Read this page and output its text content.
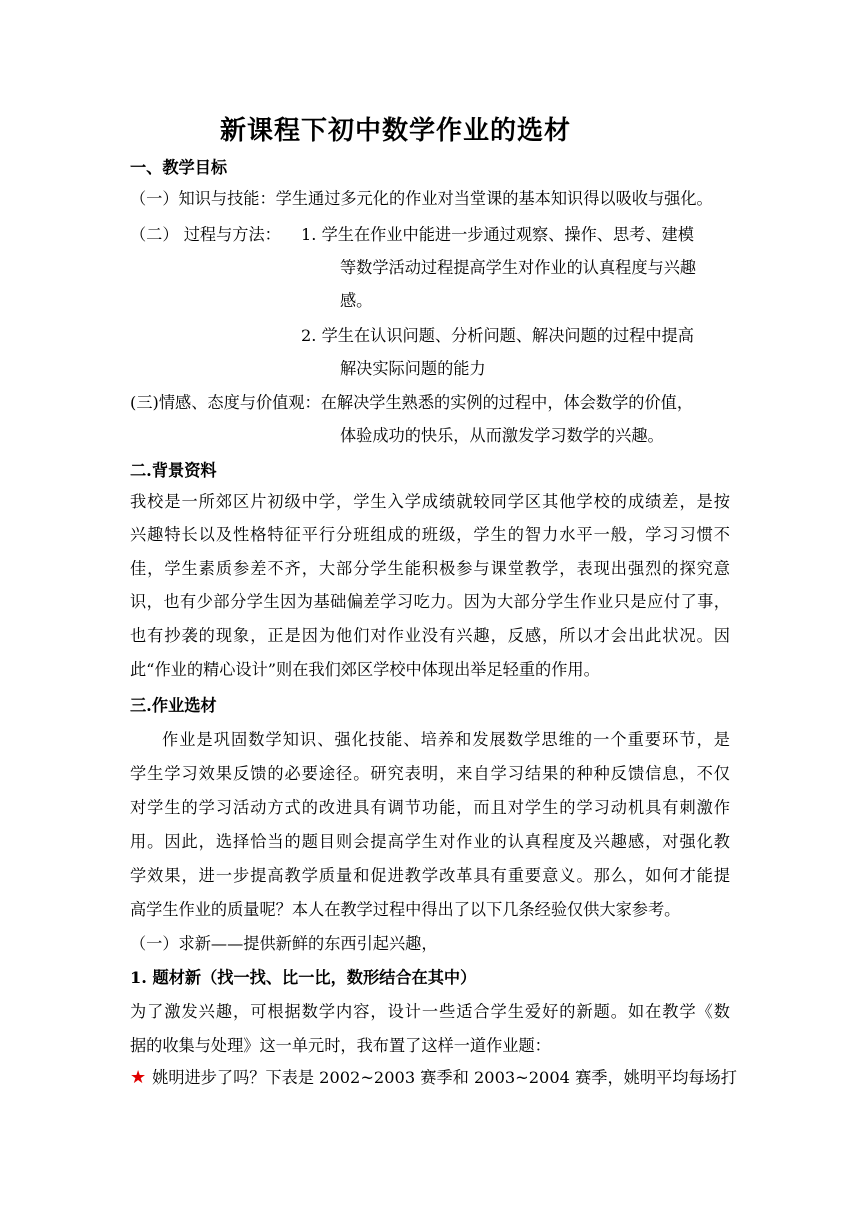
新课程下初中数学作业的选材
一、教学目标
（一）知识与技能：学生通过多元化的作业对当堂课的基本知识得以吸收与强化。
（二） 过程与方法： 1. 学生在作业中能进一步通过观察、操作、思考、建模
等数学活动过程提高学生对作业的认真程度与兴趣
感。
2. 学生在认识问题、分析问题、解决问题的过程中提高
解决实际问题的能力
(三)情感、态度与价值观：在解决学生熟悉的实例的过程中，体会数学的价值，
体验成功的快乐，从而激发学习数学的兴趣。
二.背景资料
我校是一所郊区片初级中学，学生入学成绩就较同学区其他学校的成绩差，是按
兴趣特长以及性格特征平行分班组成的班级，学生的智力水平一般，学习习惯不
佳，学生素质参差不齐，大部分学生能积极参与课堂教学，表现出强烈的探究意
识，也有少部分学生因为基础偏差学习吃力。因为大部分学生作业只是应付了事，
也有抄袭的现象，正是因为他们对作业没有兴趣，反感，所以才会出此状况。因
此“作业的精心设计”则在我们郊区学校中体现出举足轻重的作用。
三.作业选材
作业是巩固数学知识、强化技能、培养和发展数学思维的一个重要环节，是
学生学习效果反馈的必要途径。研究表明，来自学习结果的种种反馈信息，不仅
对学生的学习活动方式的改进具有调节功能，而且对学生的学习动机具有刺激作
用。因此，选择恰当的题目则会提高学生对作业的认真程度及兴趣感，对强化教
学效果，进一步提高教学质量和促进教学改革具有重要意义。那么，如何才能提
高学生作业的质量呢？本人在教学过程中得出了以下几条经验仅供大家参考。
（一）求新——提供新鲜的东西引起兴趣，
1. 题材新（找一找、比一比，数形结合在其中）
为了激发兴趣，可根据数学内容，设计一些适合学生爱好的新题。如在教学《数
据的收集与处理》这一单元时，我布置了这样一道作业题：
★ 姚明进步了吗？下表是 2002~2003 赛季和 2003~2004 赛季，姚明平均每场打
